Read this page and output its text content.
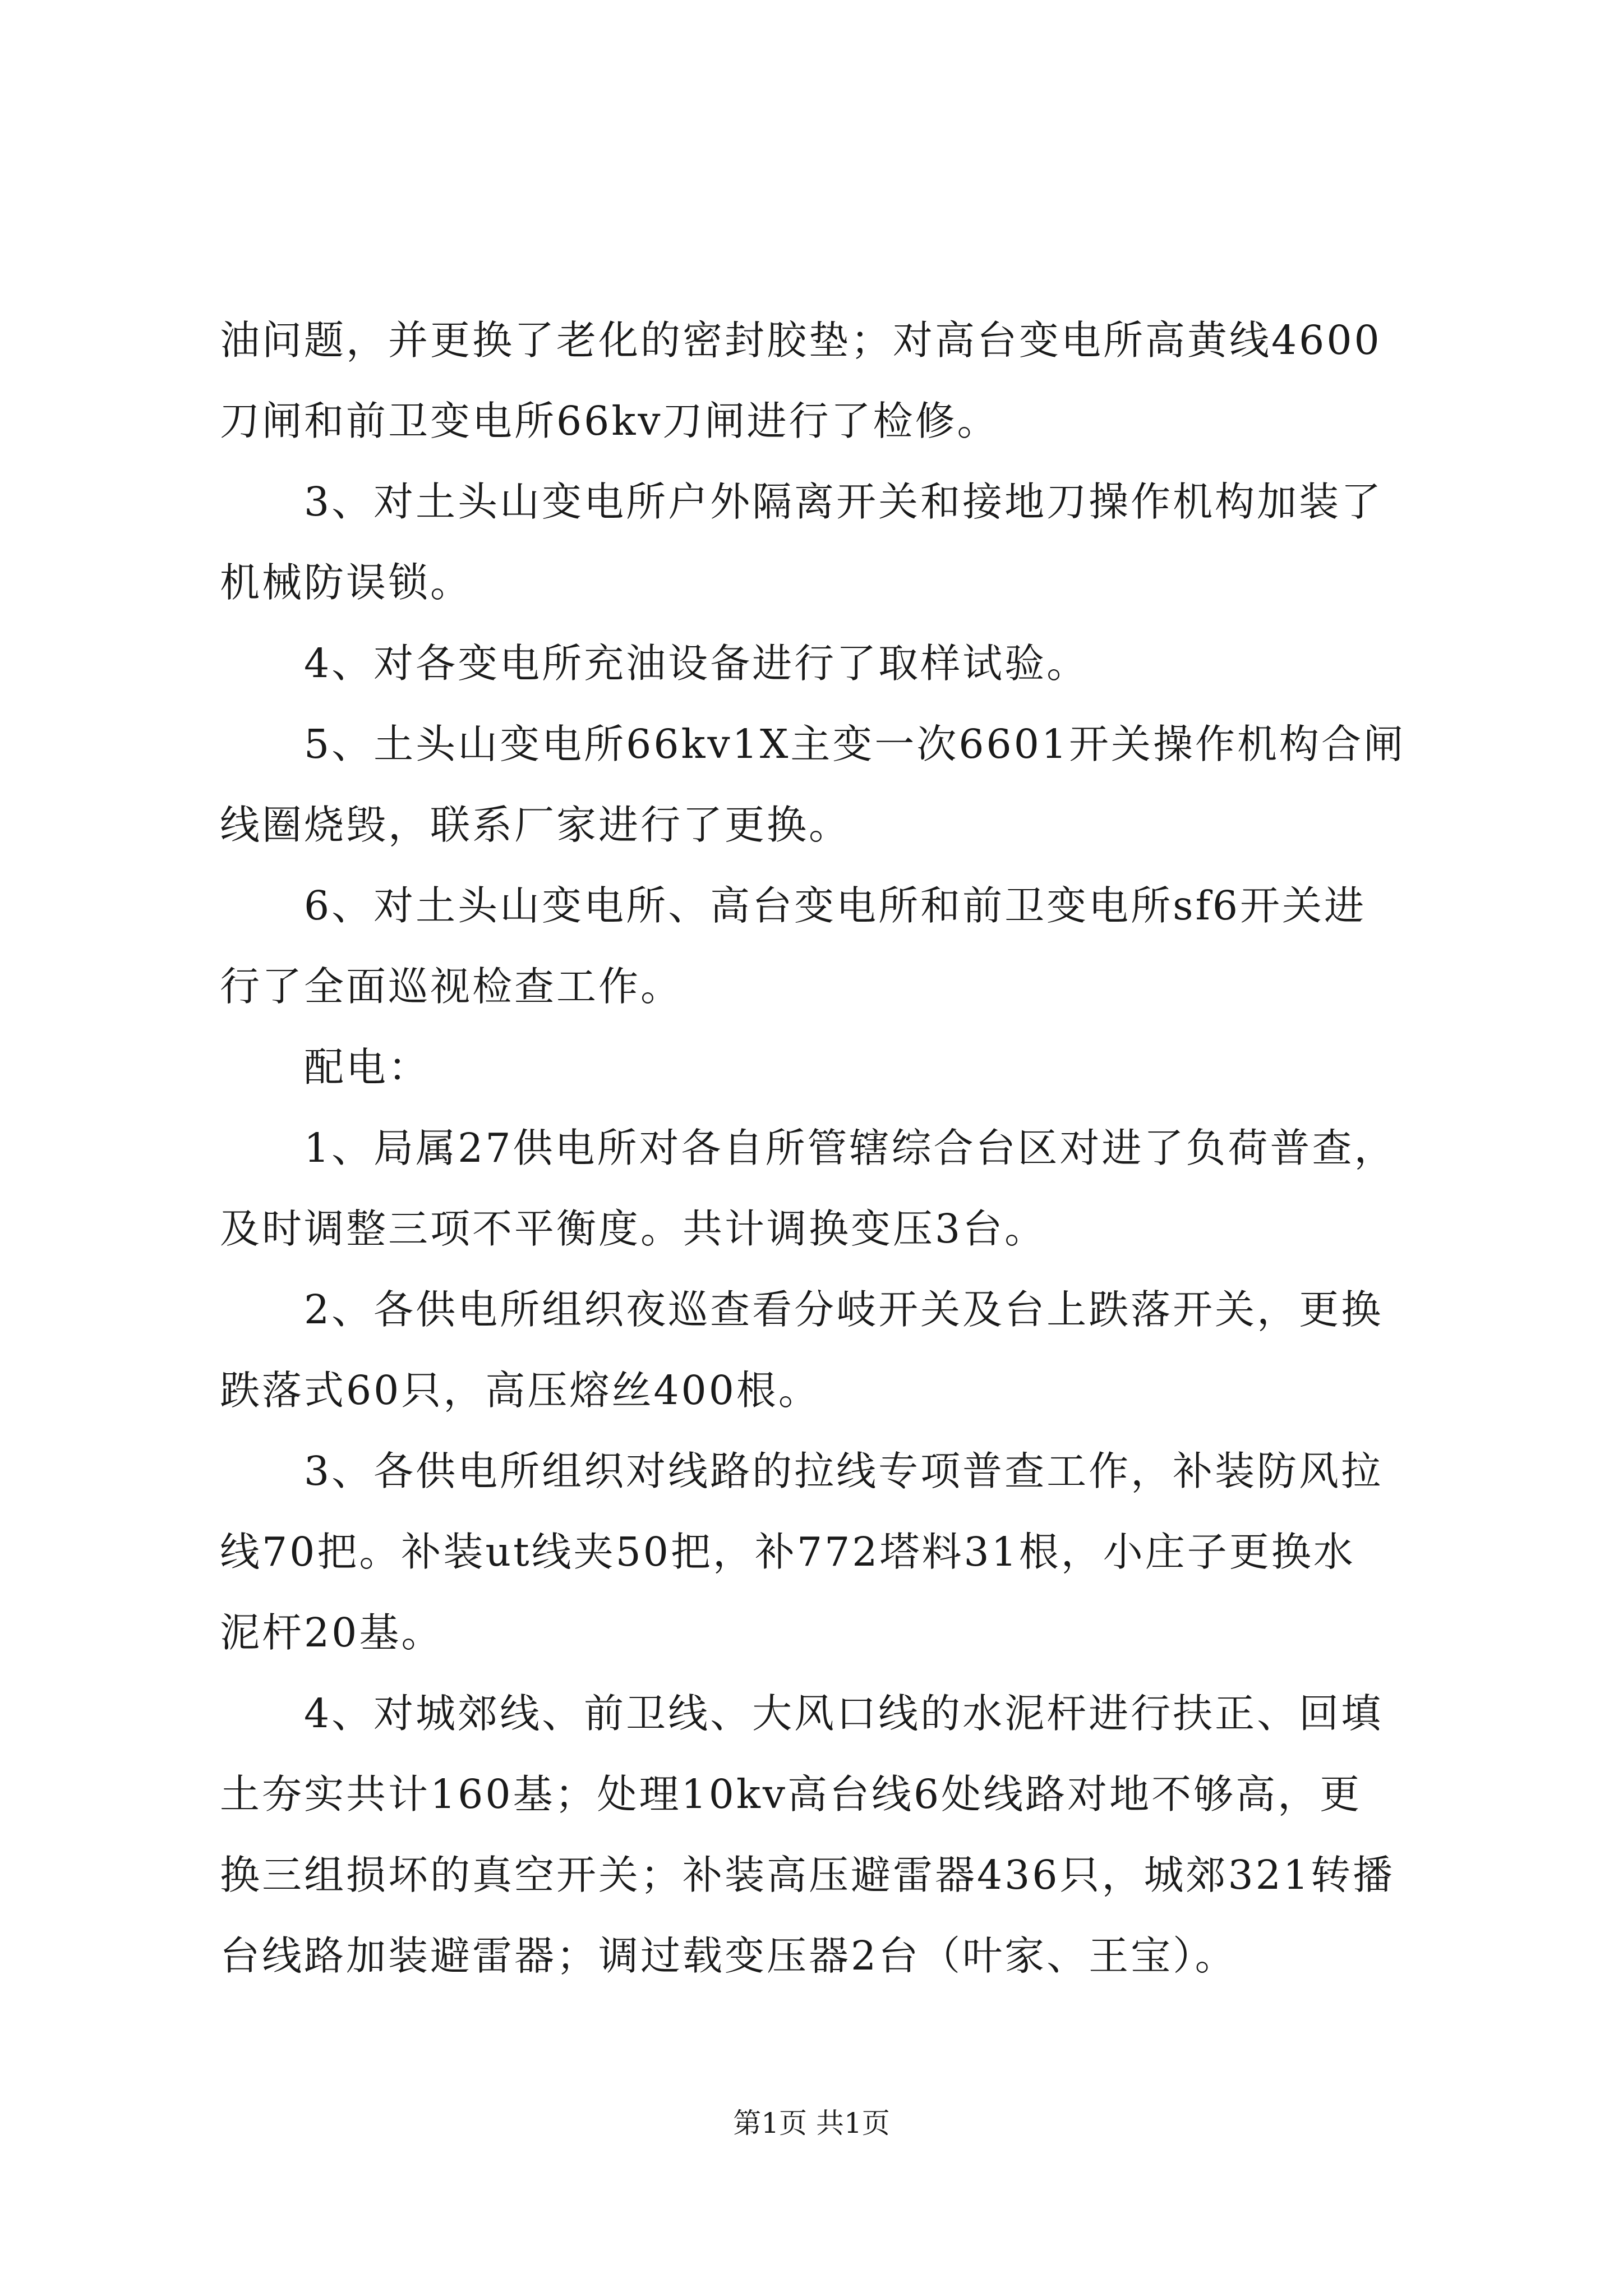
油问题，并更换了老化的密封胶垫；对高台变电所高黄线4600
刀闸和前卫变电所66kv刀闸进行了检修。
3、对土头山变电所户外隔离开关和接地刀操作机构加装了
机械防误锁。
4、对各变电所充油设备进行了取样试验。
5、土头山变电所66kv1X主变一次6601开关操作机构合闸
线圈烧毁，联系厂家进行了更换。
6、对土头山变电所、高台变电所和前卫变电所sf6开关进
行了全面巡视检查工作。
配电：
1、局属27供电所对各自所管辖综合台区对进了负荷普查，
及时调整三项不平衡度。共计调换变压3台。
2、各供电所组织夜巡查看分岐开关及台上跌落开关，更换
跌落式60只，高压熔丝400根。
3、各供电所组织对线路的拉线专项普查工作，补装防风拉
线70把。补装ut线夹50把，补772塔料31根，小庄子更换水
泥杆20基。
4、对城郊线、前卫线、大风口线的水泥杆进行扶正、回填
土夯实共计160基；处理10kv高台线6处线路对地不够高，更
换三组损坏的真空开关；补装高压避雷器436只，城郊321转播
台线路加装避雷器；调过载变压器2台（叶家、王宝）。
第1页 共1页
